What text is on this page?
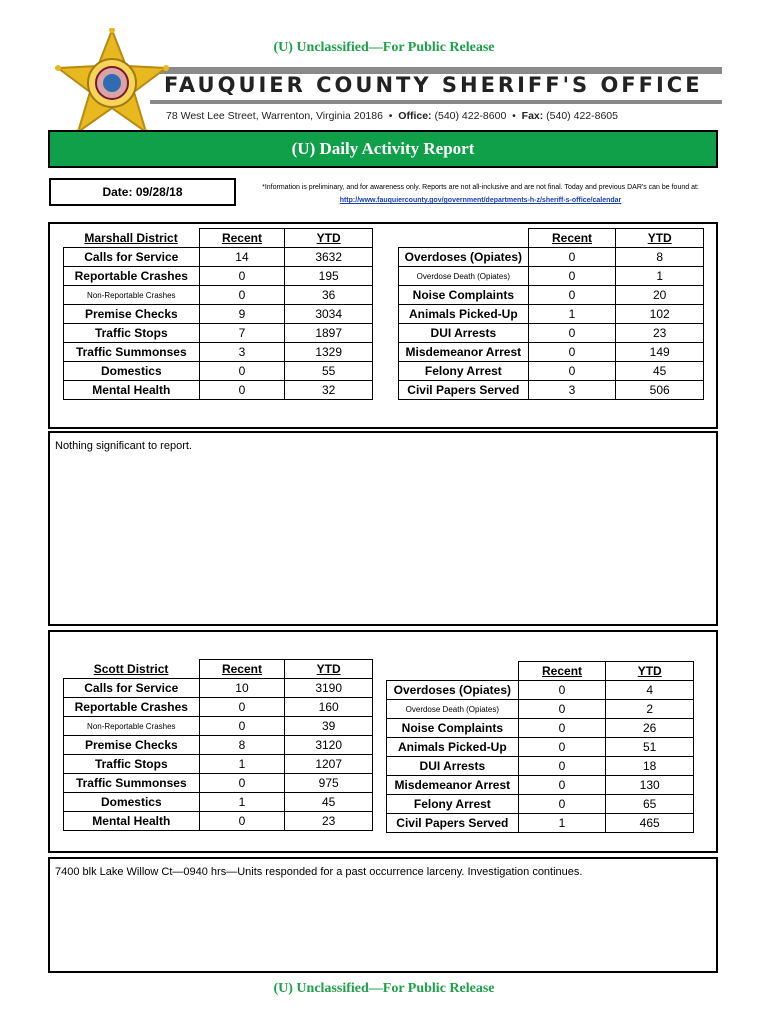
(U) Unclassified—For Public Release
FAUQUIER COUNTY SHERIFF'S OFFICE
78 West Lee Street, Warrenton, Virginia 20186  •  Office: (540) 422-8600  •  Fax: (540) 422-8605
(U) Daily Activity Report
Date: 09/28/18	*Information is preliminary, and for awareness only. Reports are not all-inclusive and are not final. Today and previous DAR's can be found at: http://www.fauquiercounty.gov/government/departments-h-z/sheriff-s-office/calendar
Marshall District	Recent	YTD
Calls for Service	14	3632
Reportable Crashes	0	195
Non-Reportable Crashes	0	36
Premise Checks	9	3034
Traffic Stops	7	1897
Traffic Summonses	3	1329
Domestics	0	55
Mental Health	0	32
	Recent	YTD
Overdoses (Opiates)	0	8
Overdose Death (Opiates)	0	1
Noise Complaints	0	20
Animals Picked-Up	1	102
DUI Arrests	0	23
Misdemeanor Arrest	0	149
Felony Arrest	0	45
Civil Papers Served	3	506
Nothing significant to report.
Scott District	Recent	YTD
Calls for Service	10	3190
Reportable Crashes	0	160
Non-Reportable Crashes	0	39
Premise Checks	8	3120
Traffic Stops	1	1207
Traffic Summonses	0	975
Domestics	1	45
Mental Health	0	23
	Recent	YTD
Overdoses (Opiates)	0	4
Overdose Death (Opiates)	0	2
Noise Complaints	0	26
Animals Picked-Up	0	51
DUI Arrests	0	18
Misdemeanor Arrest	0	130
Felony Arrest	0	65
Civil Papers Served	1	465
7400 blk Lake Willow Ct—0940 hrs—Units responded for a past occurrence larceny. Investigation continues.
(U) Unclassified—For Public Release
